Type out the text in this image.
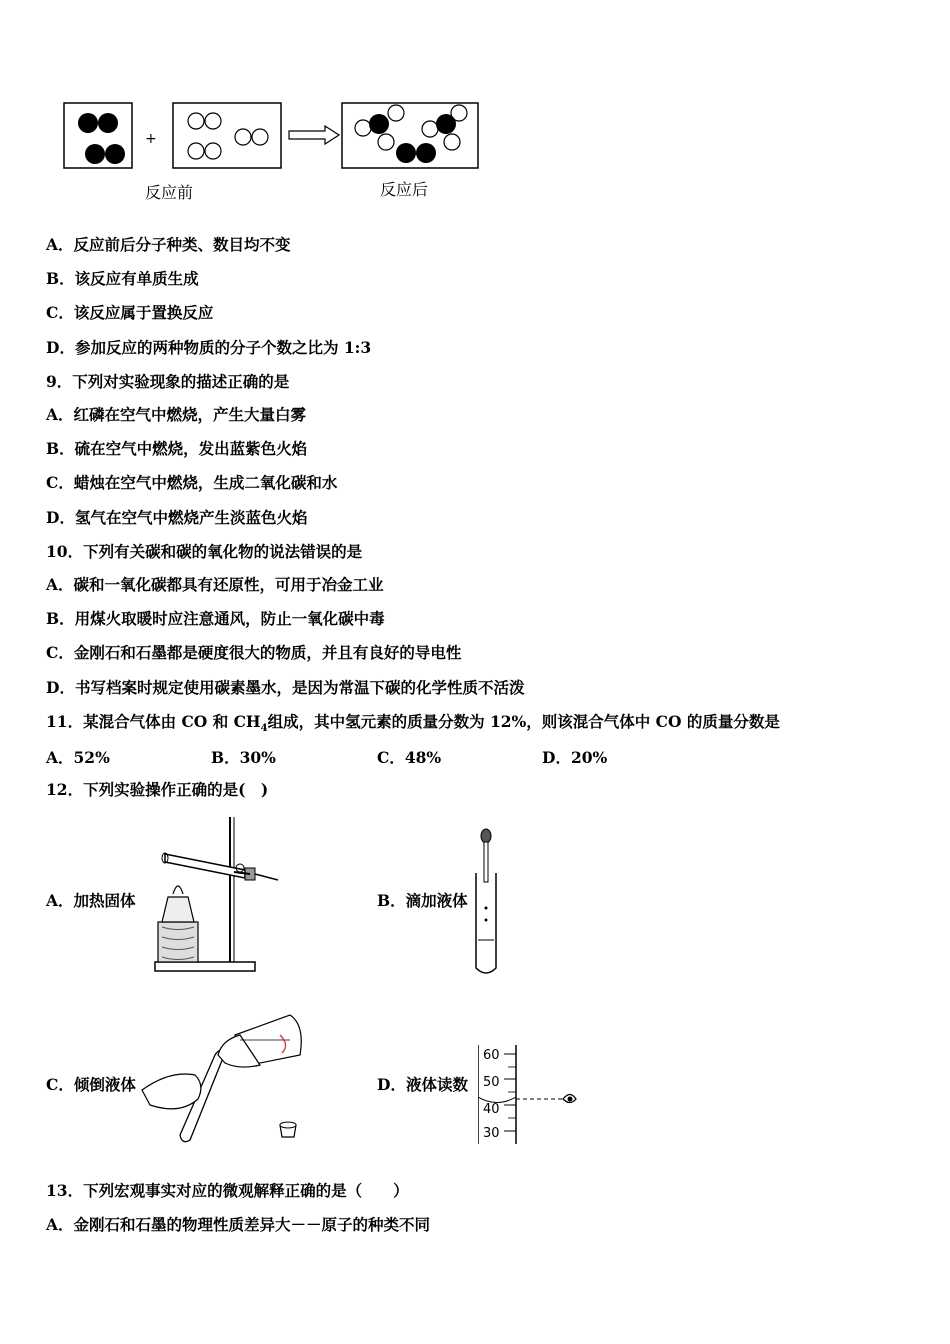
+
反应前	反应后
A．反应前后分子种类、数目均不变
B．该反应有单质生成
C．该反应属于置换反应
D．参加反应的两种物质的分子个数之比为 1:3
9．下列对实验现象的描述正确的是
A．红磷在空气中燃烧，产生大量白雾
B．硫在空气中燃烧，发出蓝紫色火焰
C．蜡烛在空气中燃烧，生成二氧化碳和水
D．氢气在空气中燃烧产生淡蓝色火焰
10．下列有关碳和碳的氧化物的说法错误的是
A．碳和一氧化碳都具有还原性，可用于冶金工业
B．用煤火取暖时应注意通风，防止一氧化碳中毒
C．金刚石和石墨都是硬度很大的物质，并且有良好的导电性
D．书写档案时规定使用碳素墨水，是因为常温下碳的化学性质不活泼
11．某混合气体由 CO 和 $CH_4$组成，其中氢元素的质量分数为 12%，则该混合气体中 CO 的质量分数是
A．52%	B．30%	C．48%	D．20%
12．下列实验操作正确的是(　)
A．加热固体	B．滴加液体
C．倾倒液体	D．液体读数
60
50
40
30
13．下列宏观事实对应的微观解释正确的是（　　）
A．金刚石和石墨的物理性质差异大－－原子的种类不同
